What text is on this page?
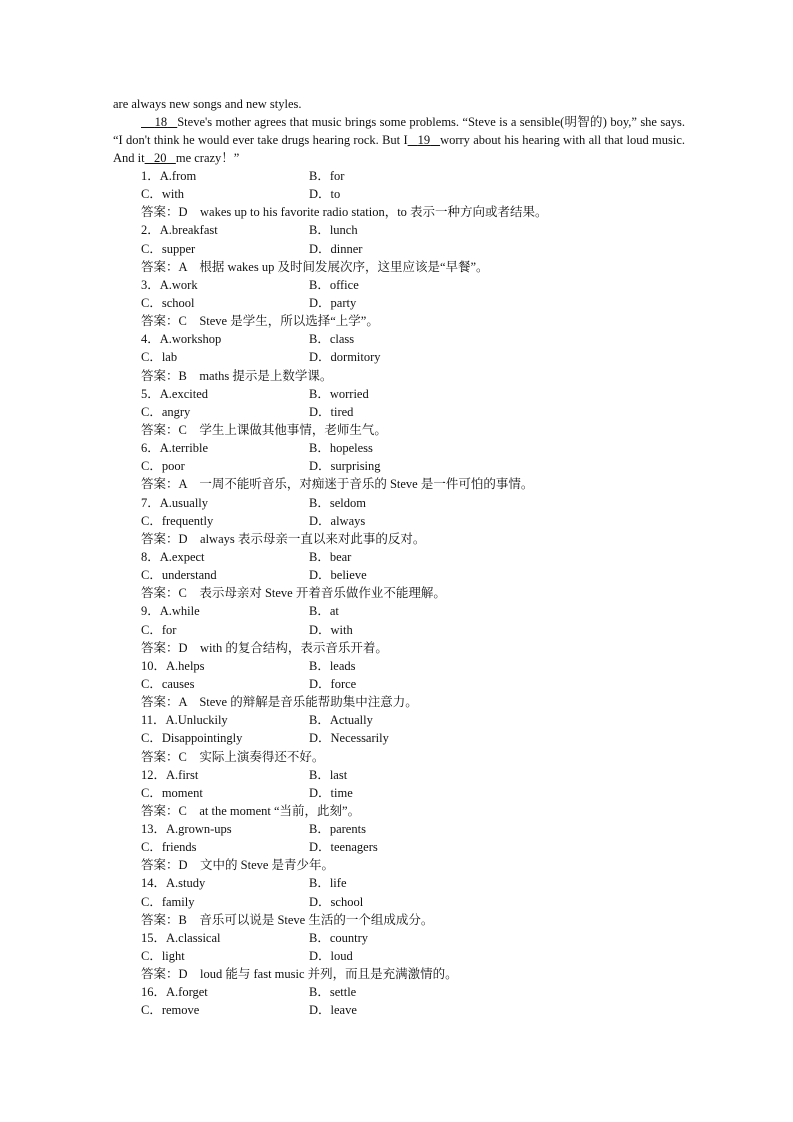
are always new songs and new styles.

18 Steve's mother agrees that music brings some problems. “Steve is a sensible(明智的) boy,” she says. “I don't think he would ever take drugs hearing rock. But I 19 worry about his hearing with all that loud music. And it 20 me crazy！”

1．A.from	B．for
C．with	D．to
答案：D　wakes up to his favorite radio station，to 表示一种方向或者结果。
2．A.breakfast	B．lunch
C．supper	D．dinner
答案：A　根据 wakes up 及时间发展次序，这里应该是“早餐”。
3．A.work	B．office
C．school	D．party
答案：C　Steve 是学生，所以选择“上学”。
4．A.workshop	B．class
C．lab	D．dormitory
答案：B　maths 提示是上数学课。
5．A.excited	B．worried
C．angry	D．tired
答案：C　学生上课做其他事情，老师生气。
6．A.terrible	B．hopeless
C．poor	D．surprising
答案：A　一周不能听音乐，对痴迷于音乐的 Steve 是一件可怕的事情。
7．A.usually	B．seldom
C．frequently	D．always
答案：D　always 表示母亲一直以来对此事的反对。
8．A.expect	B．bear
C．understand	D．believe
答案：C　表示母亲对 Steve 开着音乐做作业不能理解。
9．A.while	B．at
C．for	D．with
答案：D　with 的复合结构，表示音乐开着。
10．A.helps	B．leads
C．causes	D．force
答案：A　Steve 的辩解是音乐能帮助集中注意力。
11．A.Unluckily	B．Actually
C．Disappointingly	D．Necessarily
答案：C　实际上演奏得还不好。
12．A.first	B．last
C．moment	D．time
答案：C　at the moment “当前，此刻”。
13．A.grown-ups	B．parents
C．friends	D．teenagers
答案：D　文中的 Steve 是青少年。
14．A.study	B．life
C．family	D．school
答案：B　音乐可以说是 Steve 生活的一个组成成分。
15．A.classical	B．country
C．light	D．loud
答案：D　loud 能与 fast music 并列，而且是充满激情的。
16．A.forget	B．settle
C．remove	D．leave
